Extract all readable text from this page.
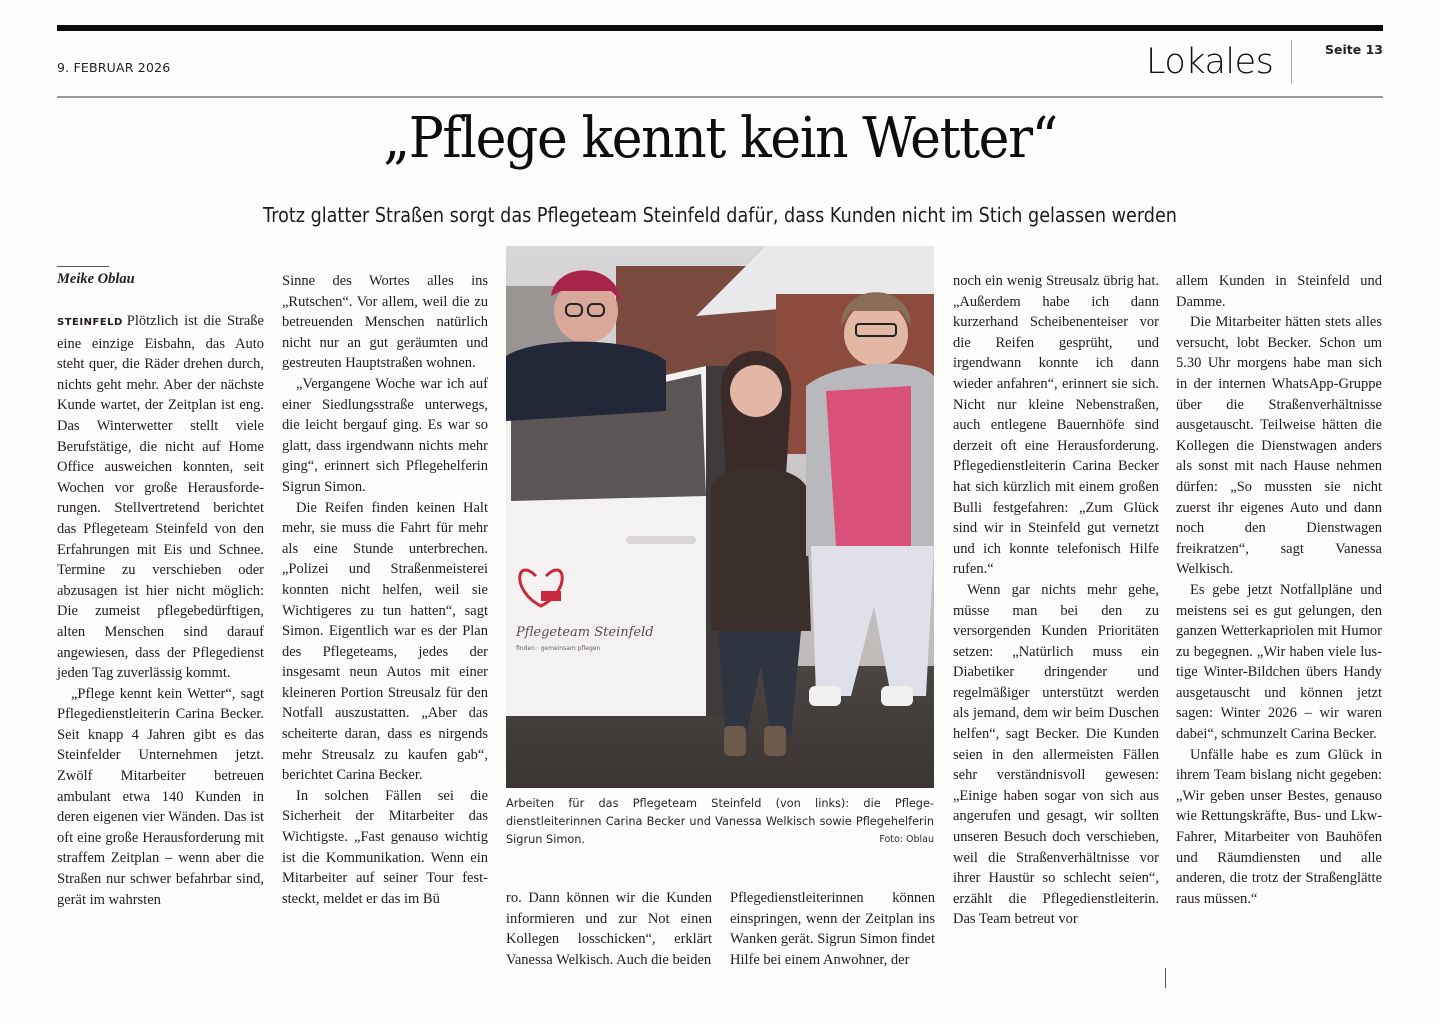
9. FEBRUAR 2026	Lokales	Seite 13
„Pflege kennt kein Wetter“
Trotz glatter Straßen sorgt das Pflegeteam Steinfeld dafür, dass Kunden nicht im Stich gelassen werden
Meike Oblau

STEINFELD Plötzlich ist die Straße eine einzige Eisbahn, das Auto steht quer, die Räder drehen durch, nichts geht mehr. Aber der nächste Kunde wartet, der Zeitplan ist eng. Das Winterwetter stellt viele Berufstätige, die nicht auf Home Office ausweichen konnten, seit Wochen vor große Herausforderungen. Stellvertretend berichtet das Pflegeteam Steinfeld von den Erfahrungen mit Eis und Schnee. Termine zu verschieben oder abzusagen ist hier nicht möglich: Die zumeist pflegebedürftigen, alten Menschen sind darauf angewiesen, dass der Pflegedienst jeden Tag zuverlässig kommt.

„Pflege kennt kein Wetter“, sagt Pflegedienstleiterin Carina Becker. Seit knapp 4 Jahren gibt es das Steinfelder Unternehmen jetzt. Zwölf Mitarbeiter betreuen ambulant etwa 140 Kunden in deren eigenen vier Wänden. Das ist oft eine große Herausforderung mit straffem Zeitplan – wenn aber die Straßen nur schwer befahrbar sind, gerät im wahrsten

Sinne des Wortes alles ins „Rutschen“. Vor allem, weil die zu betreuenden Menschen natürlich nicht nur an gut geräumten und gestreuten Hauptstraßen wohnen.

„Vergangene Woche war ich auf einer Siedlungsstraße unterwegs, die leicht bergauf ging. Es war so glatt, dass irgendwann nichts mehr ging“, erinnert sich Pflegehelferin Sigrun Simon.

Die Reifen finden keinen Halt mehr, sie muss die Fahrt für mehr als eine Stunde unterbrechen. „Polizei und Straßenmeisterei konnten nicht helfen, weil sie Wichtigeres zu tun hatten“, sagt Simon. Eigentlich war es der Plan des Pflegeteams, jedes der insgesamt neun Autos mit einer kleineren Portion Streusalz für den Notfall auszustatten. „Aber das scheiterte daran, dass es nirgends mehr Streusalz zu kaufen gab“, berichtet Carina Becker.

In solchen Fällen sei die Sicherheit der Mitarbeiter das Wichtigste. „Fast genauso wichtig ist die Kommunikation. Wenn ein Mitarbeiter auf seiner Tour feststeckt, meldet er das im Bü

Pflegeteam Steinfeld
finden · gemeinsam pflegen
Arbeiten für das Pflegeteam Steinfeld (von links): die Pflegedienstleiterinnen Carina Becker und Vanessa Welkisch sowie Pflegehelferin Sigrun Simon.	Foto: Oblau

ro. Dann können wir die Kunden informieren und zur Not einen Kollegen losschicken“, erklärt Vanessa Welkisch. Auch die beiden

Pflegedienstleiterinnen können einspringen, wenn der Zeitplan ins Wanken gerät. Sigrun Simon findet Hilfe bei einem Anwohner, der

noch ein wenig Streusalz übrig hat. „Außerdem habe ich dann kurzerhand Scheibenenteiser vor die Reifen gesprüht, und irgendwann konnte ich dann wieder anfahren“, erinnert sie sich. Nicht nur kleine Nebenstraßen, auch entlegene Bauernhöfe sind derzeit oft eine Herausforderung. Pflegedienstleiterin Carina Becker hat sich kürzlich mit einem großen Bulli festgefahren: „Zum Glück sind wir in Steinfeld gut vernetzt und ich konnte telefonisch Hilfe rufen.“

Wenn gar nichts mehr gehe, müsse man bei den zu versorgenden Kunden Prioritäten setzen: „Natürlich muss ein Diabetiker dringender und regelmäßiger unterstützt werden als jemand, dem wir beim Duschen helfen“, sagt Becker. Die Kunden seien in den allermeisten Fällen sehr verständnisvoll gewesen: „Einige haben sogar von sich aus angerufen und gesagt, wir sollten unseren Besuch doch verschieben, weil die Straßenverhältnisse vor ihrer Haustür so schlecht seien“, erzählt die Pflegedienstleiterin. Das Team betreut vor

allem Kunden in Steinfeld und Damme.

Die Mitarbeiter hätten stets alles versucht, lobt Becker. Schon um 5.30 Uhr morgens habe man sich in der internen WhatsApp-Gruppe über die Straßenverhältnisse ausgetauscht. Teilweise hätten die Kollegen die Dienstwagen anders als sonst mit nach Hause nehmen dürfen: „So mussten sie nicht zuerst ihr eigenes Auto und dann noch den Dienstwagen freikratzen“, sagt Vanessa Welkisch.

Es gebe jetzt Notfallpläne und meistens sei es gut gelungen, den ganzen Wetterkapriolen mit Humor zu begegnen. „Wir haben viele lustige Winter-Bildchen übers Handy ausgetauscht und können jetzt sagen: Winter 2026 – wir waren dabei“, schmunzelt Carina Becker.

Unfälle habe es zum Glück in ihrem Team bislang nicht gegeben: „Wir geben unser Bestes, genauso wie Rettungskräfte, Bus- und Lkw-Fahrer, Mitarbeiter von Bauhöfen und Räumdiensten und alle anderen, die trotz der Straßenglätte raus müssen.“
